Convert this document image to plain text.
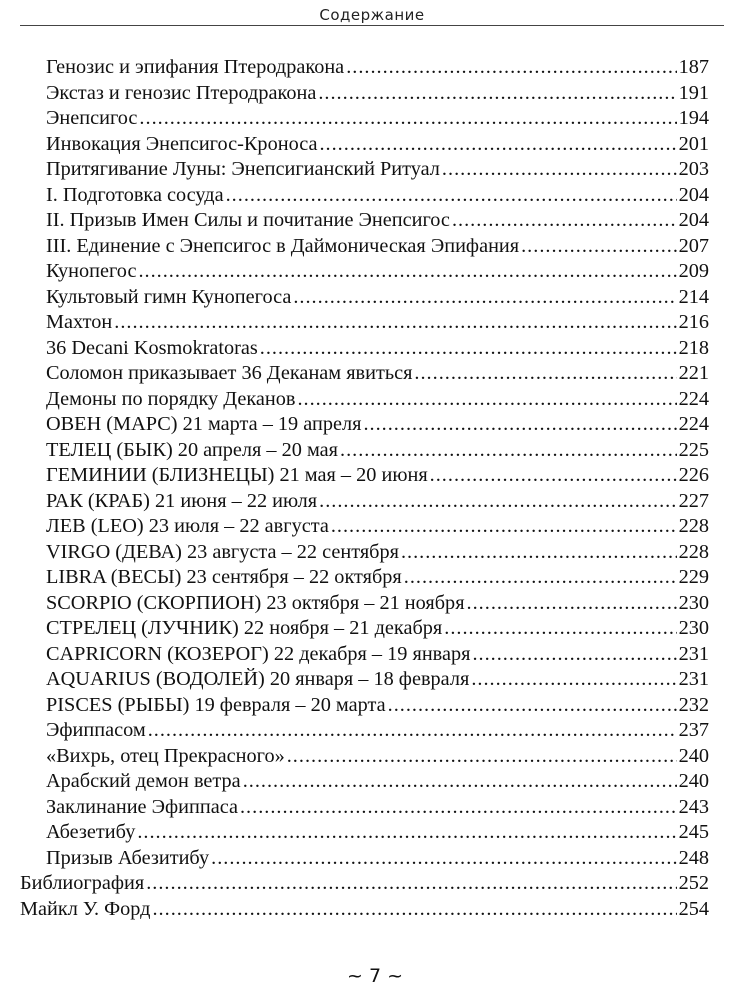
Содержание
Генозис и эпифания Птеродракона .....	187
Экстаз и генозис Птеродракона .....	191
Энепсигос .....	194
Инвокация Энепсигос-Кроноса .....	201
Притягивание Луны: Энепсигианский Ритуал .....	203
I. Подготовка сосуда .....	204
II. Призыв Имен Силы и почитание Энепсигос .....	204
III. Единение с Энепсигос в Даймоническая Эпифания .....	207
Кунопегос .....	209
Культовый гимн Кунопегоса .....	214
Махтон .....	216
36 Decani Kosmokratoras .....	218
Соломон приказывает 36 Деканам явиться .....	221
Демоны по порядку Деканов .....	224
ОВЕН (МАРС) 21 марта – 19 апреля .....	224
ТЕЛЕЦ (БЫК) 20 апреля – 20 мая .....	225
ГЕМИНИИ (БЛИЗНЕЦЫ) 21 мая – 20 июня .....	226
РАК (КРАБ) 21 июня – 22 июля .....	227
ЛЕВ (LEO) 23 июля – 22 августа .....	228
VIRGO (ДЕВА) 23 августа – 22 сентября .....	228
LIBRA (ВЕСЫ) 23 сентября – 22 октября .....	229
SCORPIO (СКОРПИОН) 23 октября – 21 ноября .....	230
СТРЕЛЕЦ (ЛУЧНИК) 22 ноября – 21 декабря .....	230
CAPRICORN (КОЗЕРОГ) 22 декабря – 19 января .....	231
AQUARIUS (ВОДОЛЕЙ) 20 января – 18 февраля .....	231
PISCES (РЫБЫ) 19 февраля – 20 марта .....	232
Эфиппасом .....	237
«Вихрь, отец Прекрасного» .....	240
Арабский демон ветра .....	240
Заклинание Эфиппаса .....	243
Абезетибу .....	245
Призыв Абезитибу .....	248
Библиография .....	252
Майкл У. Форд .....	254
~ 7 ~
